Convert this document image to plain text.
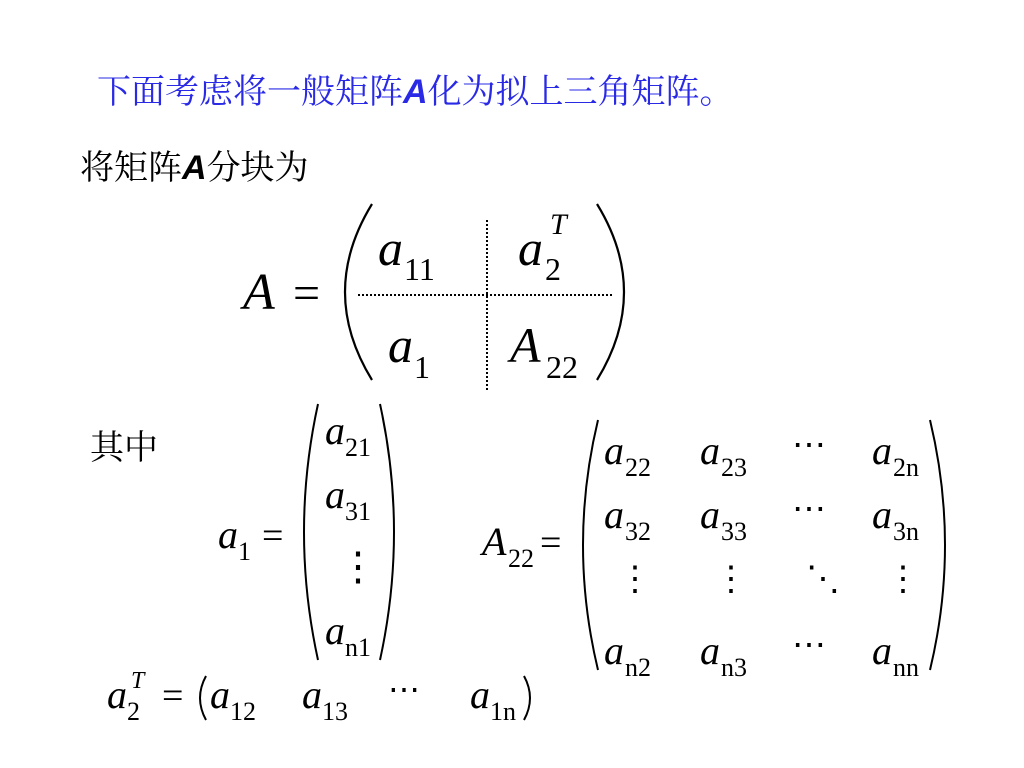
下面考虑将一般矩阵A化为拟上三角矩阵。
将矩阵A分块为
其中
A =
a 11 a 2
T
a 1 A 22
a 1 =
a 21
a 31
⋮
a n1
A 22 =
a 22 a 23
⋯ a 2n
a 32 a 33
⋯ a 3n
⋮ ⋮ ⋱ ⋮
a n2 a n3
⋯ a nn
a 2
T = a 12 a 13
⋯ a 1n
